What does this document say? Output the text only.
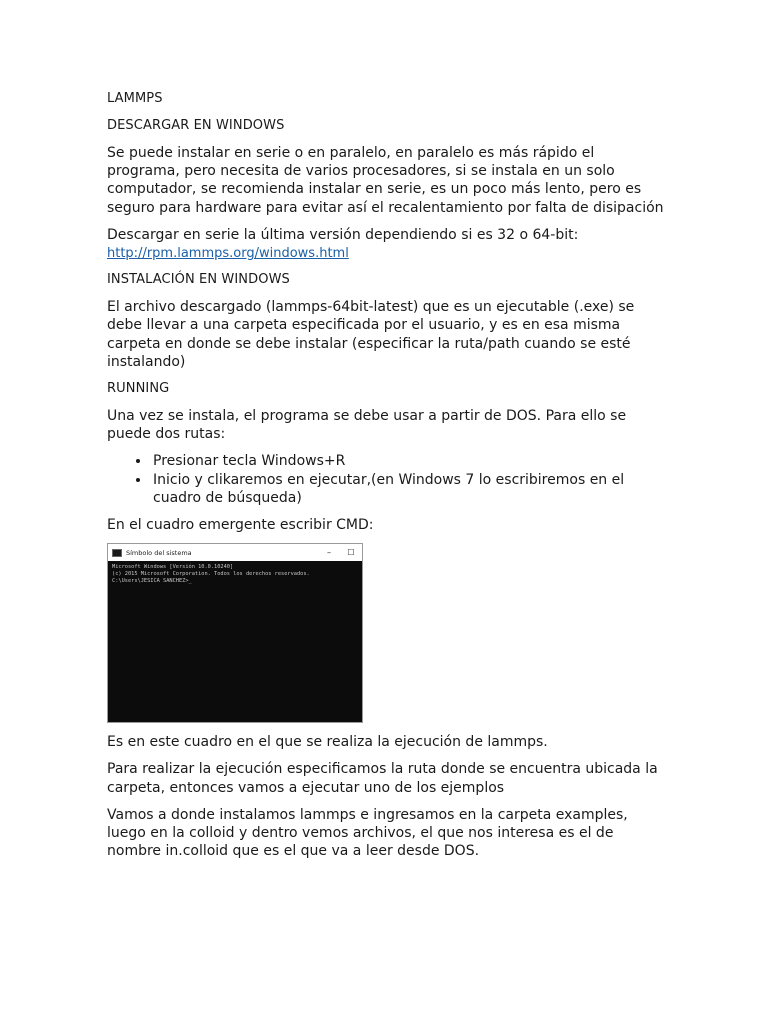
LAMMPS
DESCARGAR EN WINDOWS

Se puede instalar en serie o en paralelo, en paralelo es más rápido el programa, pero necesita de varios procesadores, si se instala en un solo computador, se recomienda instalar en serie, es un poco más lento, pero es seguro para hardware para evitar así el recalentamiento por falta de disipación

Descargar en serie la última versión dependiendo si es 32 o 64-bit:
http://rpm.lammps.org/windows.html

INSTALACIÓN EN WINDOWS

El archivo descargado (lammps-64bit-latest) que es un ejecutable (.exe) se debe llevar a una carpeta especificada por el usuario, y es en esa misma carpeta en donde se debe instalar (especificar la ruta/path cuando se esté instalando)

RUNNING

Una vez se instala, el programa se debe usar a partir de DOS. Para ello se puede dos rutas:

• Presionar tecla Windows+R
• Inicio y clikaremos en ejecutar,(en Windows 7 lo escribiremos en el cuadro de búsqueda)

En el cuadro emergente escribir CMD:

Símbolo del sistema	–	☐
Microsoft Windows [Versión 10.0.10240]
(c) 2015 Microsoft Corporation. Todos los derechos reservados.
C:\Users\JESICA SANCHEZ>_

Es en este cuadro en el que se realiza la ejecución de lammps.

Para realizar la ejecución especificamos la ruta donde se encuentra ubicada la carpeta, entonces vamos a ejecutar uno de los ejemplos

Vamos a donde instalamos lammps e ingresamos en la carpeta examples, luego en la colloid y dentro vemos archivos, el que nos interesa es el de nombre in.colloid que es el que va a leer desde DOS.
